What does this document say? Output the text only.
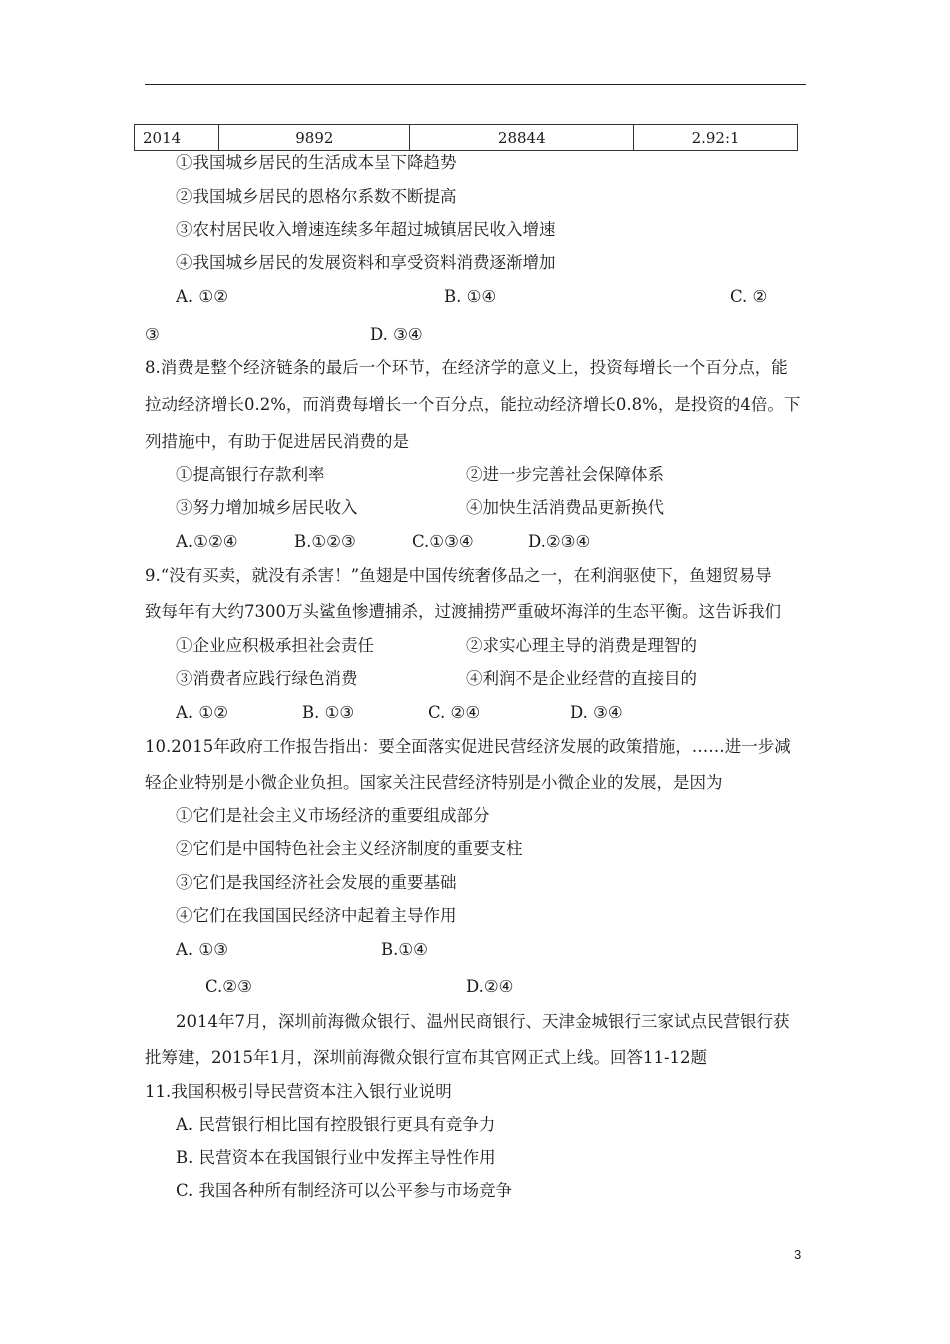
2014	9892	28844	2.92:1
①我国城乡居民的生活成本呈下降趋势
②我国城乡居民的恩格尔系数不断提高
③农村居民收入增速连续多年超过城镇居民收入增速
④我国城乡居民的发展资料和享受资料消费逐渐增加
A. ①②	B. ①④	C. ②
③	D. ③④
8.消费是整个经济链条的最后一个环节，在经济学的意义上，投资每增长一个百分点，能
拉动经济增长0.2%，而消费每增长一个百分点，能拉动经济增长0.8%，是投资的4倍。下
列措施中，有助于促进居民消费的是
①提高银行存款利率	②进一步完善社会保障体系
③努力增加城乡居民收入	④加快生活消费品更新换代
A.①②④	B.①②③	C.①③④	D.②③④
9.“没有买卖，就没有杀害！”鱼翅是中国传统奢侈品之一，在利润驱使下，鱼翅贸易导
致每年有大约7300万头鲨鱼惨遭捕杀，过渡捕捞严重破坏海洋的生态平衡。这告诉我们
①企业应积极承担社会责任	②求实心理主导的消费是理智的
③消费者应践行绿色消费	④利润不是企业经营的直接目的
A. ①②	B. ①③	C. ②④	D. ③④
10.2015年政府工作报告指出：要全面落实促进民营经济发展的政策措施，……进一步减
轻企业特别是小微企业负担。国家关注民营经济特别是小微企业的发展，是因为
①它们是社会主义市场经济的重要组成部分
②它们是中国特色社会主义经济制度的重要支柱
③它们是我国经济社会发展的重要基础
④它们在我国国民经济中起着主导作用
A. ①③	B.①④
C.②③	D.②④
2014年7月，深圳前海微众银行、温州民商银行、天津金城银行三家试点民营银行获
批筹建，2015年1月，深圳前海微众银行宣布其官网正式上线。回答11-12题
11.我国积极引导民营资本注入银行业说明
A. 民营银行相比国有控股银行更具有竞争力
B. 民营资本在我国银行业中发挥主导性作用
C. 我国各种所有制经济可以公平参与市场竞争
3
